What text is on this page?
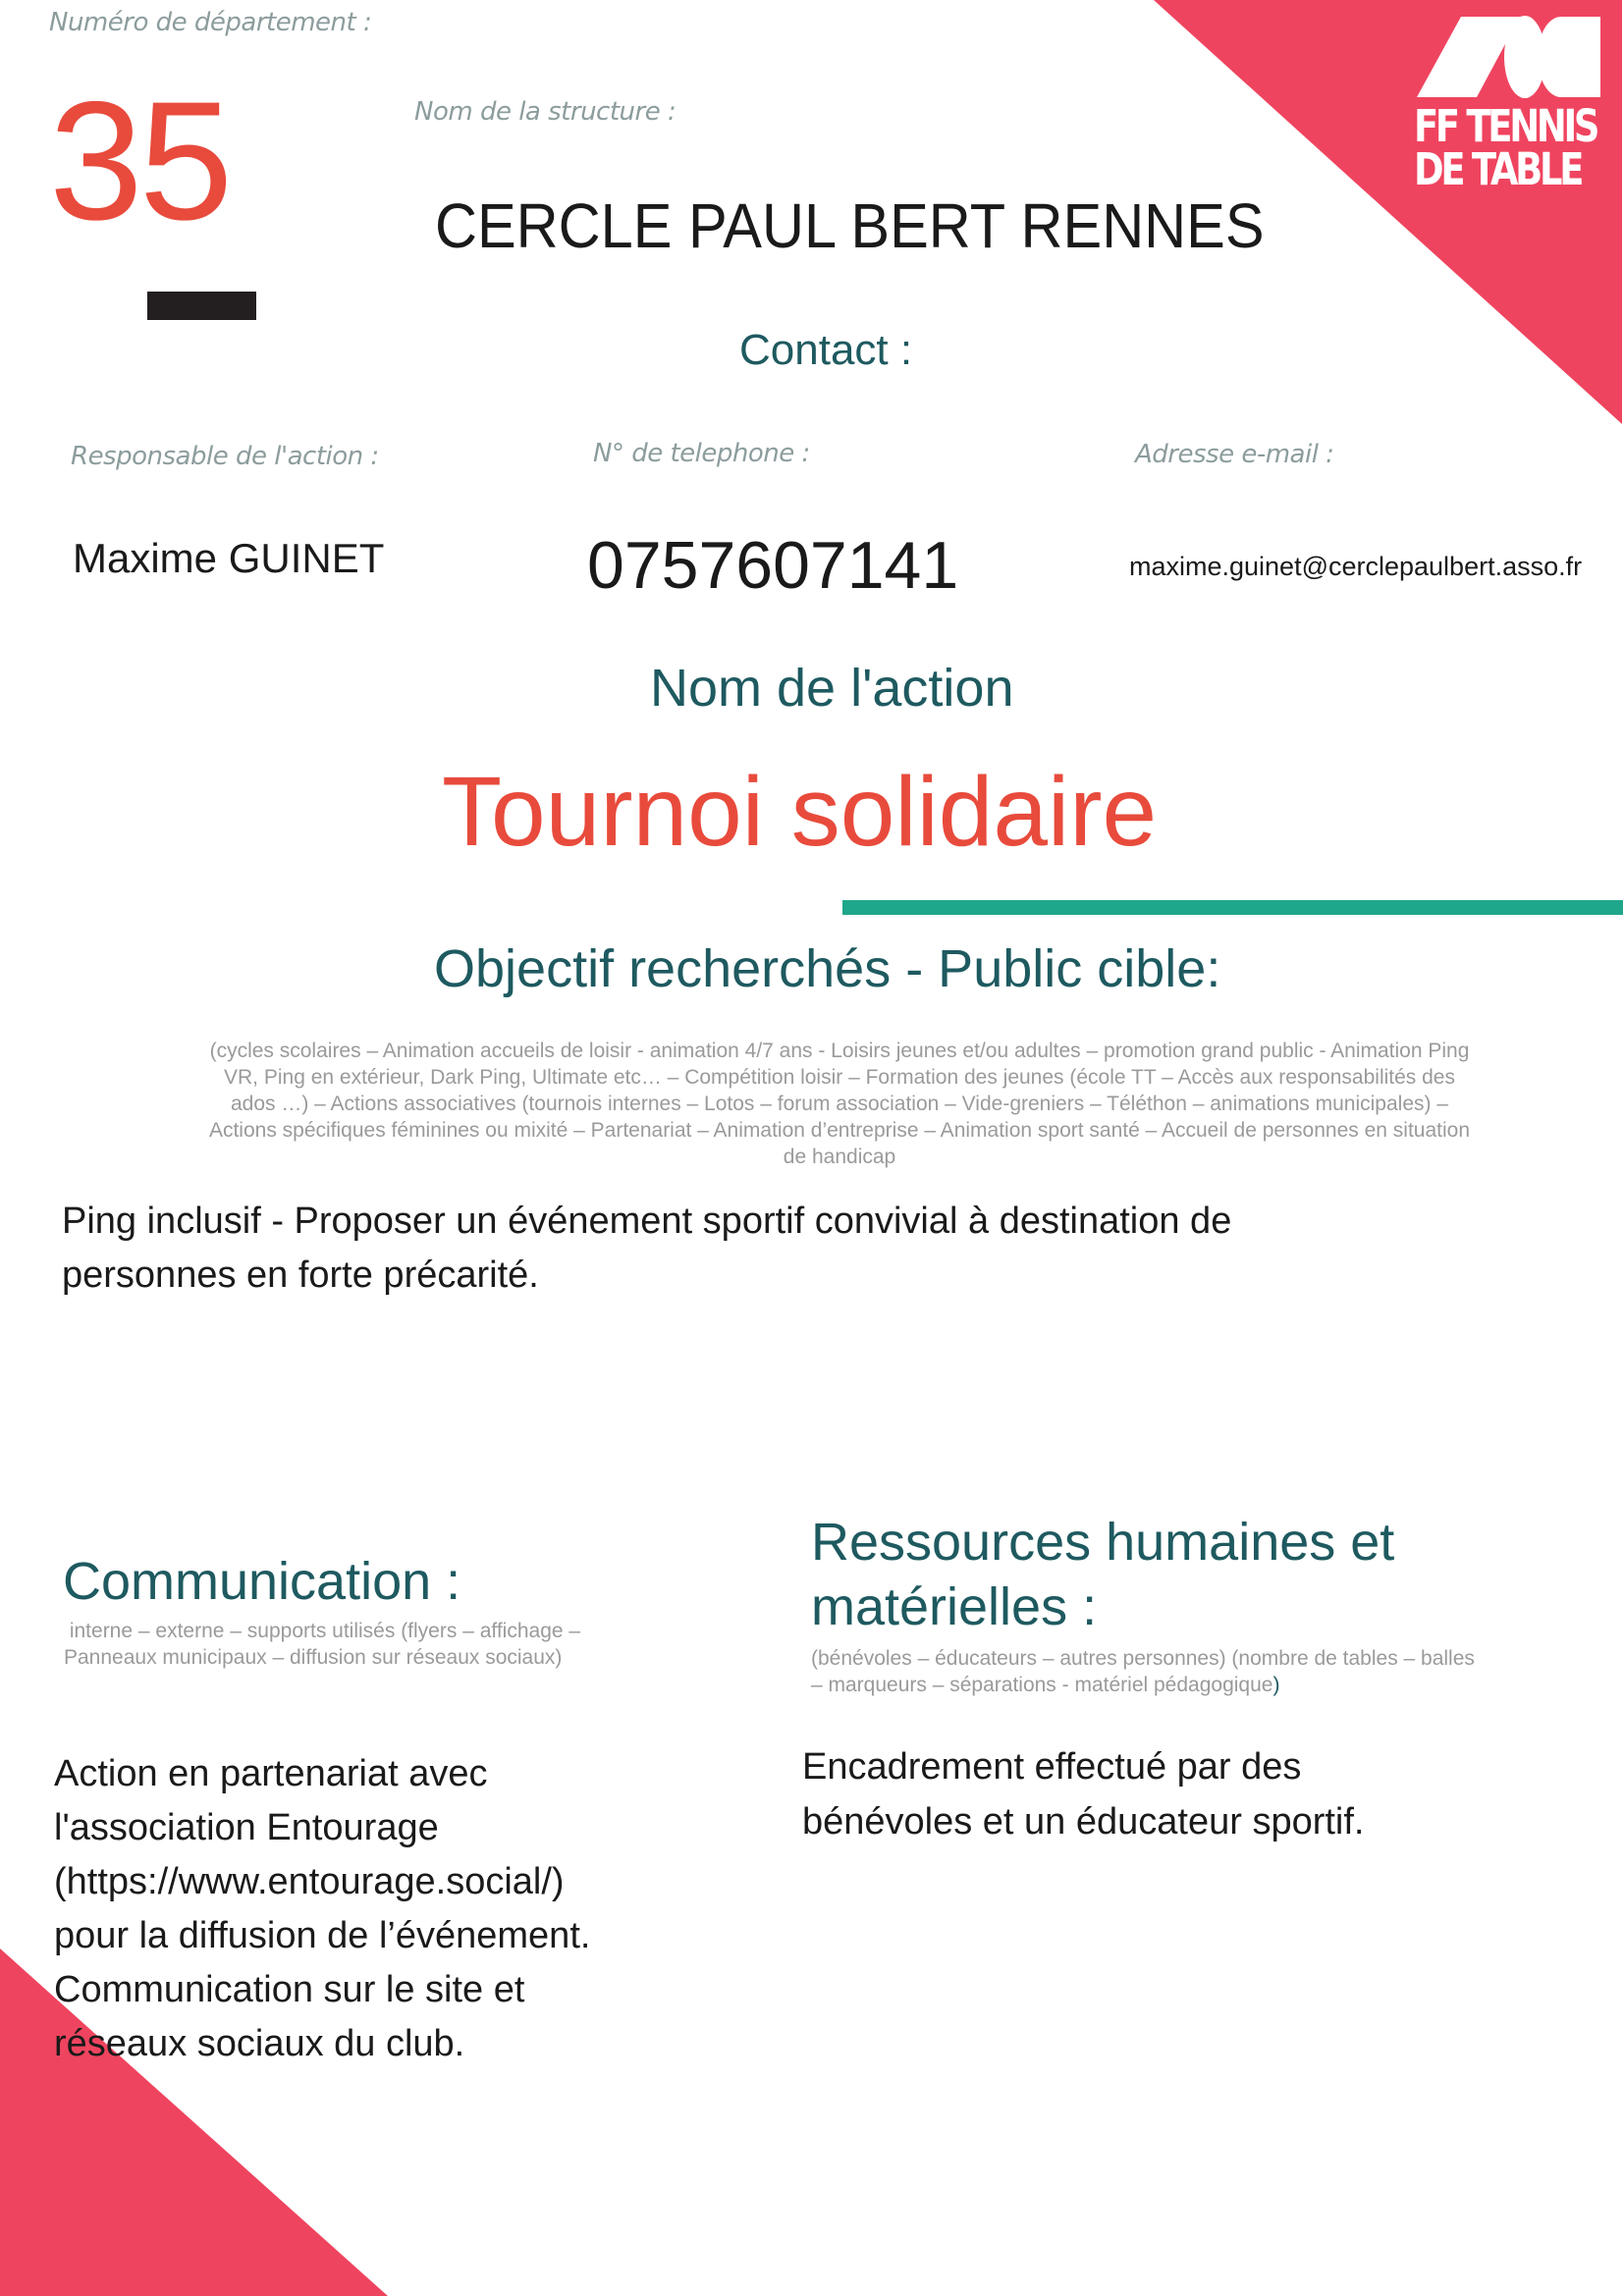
FF TENNIS
DE TABLE
Numéro de département :
35	Nom de la structure :
CERCLE PAUL BERT RENNES
Contact :
Responsable de l'action :	N° de telephone :	Adresse e-mail :
Maxime GUINET	0757607141	maxime.guinet@cerclepaulbert.asso.fr
Nom de l'action
Tournoi solidaire
Objectif recherchés - Public cible:
(cycles scolaires – Animation accueils de loisir - animation 4/7 ans - Loisirs jeunes et/ou adultes – promotion grand public - Animation Ping
VR, Ping en extérieur, Dark Ping, Ultimate etc… – Compétition loisir – Formation des jeunes (école TT – Accès aux responsabilités des
ados …) – Actions associatives (tournois internes – Lotos – forum association – Vide-greniers – Téléthon – animations municipales) –
Actions spécifiques féminines ou mixité – Partenariat – Animation d’entreprise – Animation sport santé – Accueil de personnes en situation
de handicap
Ping inclusif - Proposer un événement sportif convivial à destination de
personnes en forte précarité.
Communication :
interne – externe – supports utilisés (flyers – affichage –
Panneaux municipaux – diffusion sur réseaux sociaux)
Action en partenariat avec
l'association Entourage
(https://www.entourage.social/)
pour la diffusion de l’événement.
Communication sur le site et
réseaux sociaux du club.
Ressources humaines et
matérielles :
(bénévoles – éducateurs – autres personnes) (nombre de tables – balles
– marqueurs – séparations - matériel pédagogique)
Encadrement effectué par des
bénévoles et un éducateur sportif.
